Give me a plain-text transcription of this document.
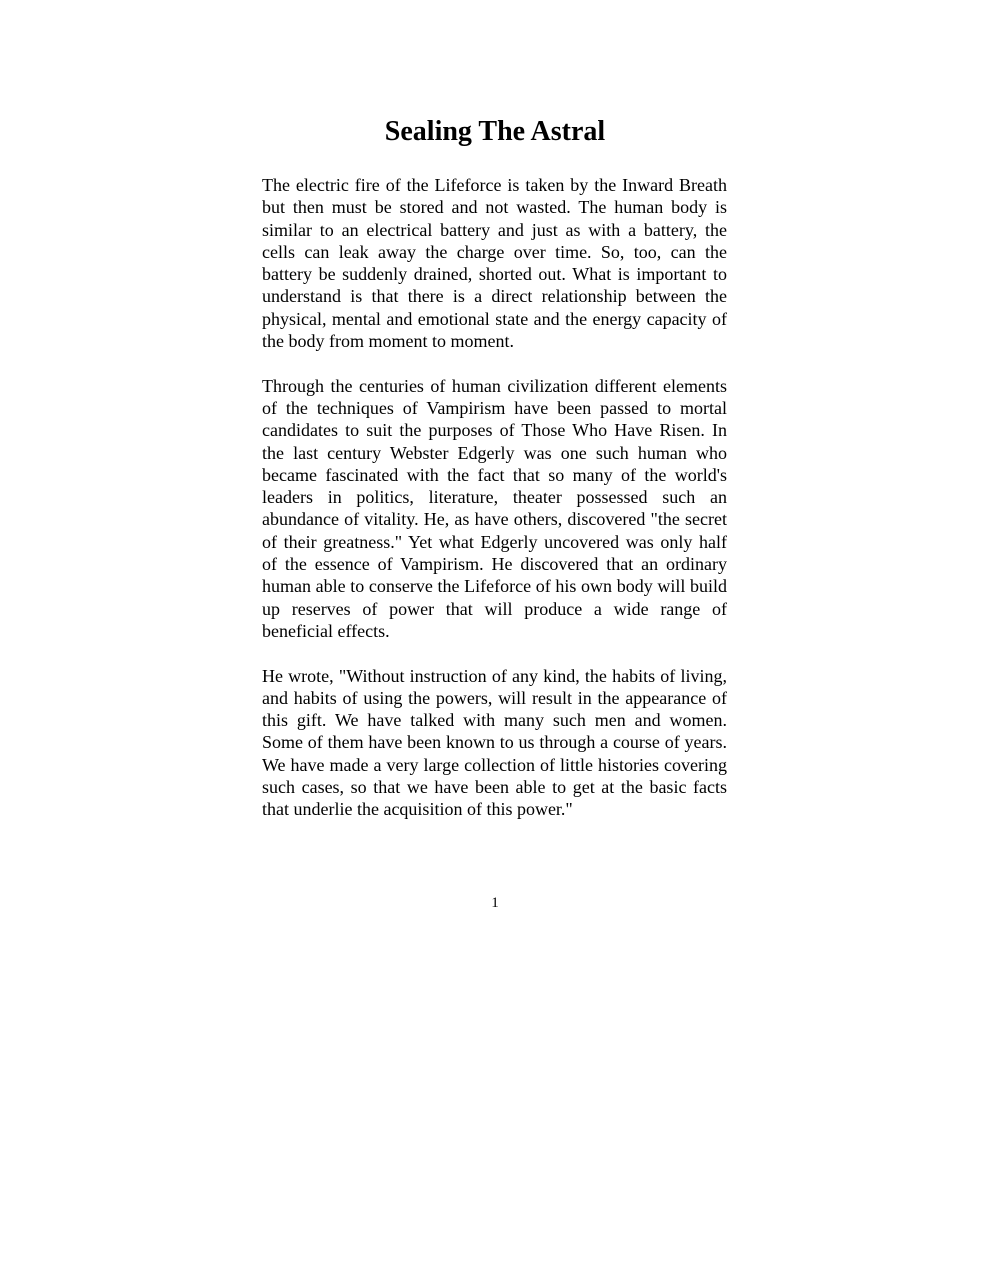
Sealing The Astral

The electric fire of the Lifeforce is taken by the Inward Breath but then must be stored and not wasted. The human body is similar to an electrical battery and just as with a battery, the cells can leak away the charge over time. So, too, can the battery be suddenly drained, shorted out. What is important to understand is that there is a direct relationship between the physical, mental and emotional state and the energy capacity of the body from moment to moment.

Through the centuries of human civilization different elements of the techniques of Vampirism have been passed to mortal candidates to suit the purposes of Those Who Have Risen. In the last century Webster Edgerly was one such human who became fascinated with the fact that so many of the world's leaders in politics, literature, theater possessed such an abundance of vitality. He, as have others, discovered "the secret of their greatness." Yet what Edgerly uncovered was only half of the essence of Vampirism. He discovered that an ordinary human able to conserve the Lifeforce of his own body will build up reserves of power that will produce a wide range of beneficial effects.

He wrote, "Without instruction of any kind, the habits of living, and habits of using the powers, will result in the appearance of this gift. We have talked with many such men and women. Some of them have been known to us through a course of years. We have made a very large collection of little histories covering such cases, so that we have been able to get at the basic facts that underlie the acquisition of this power."

1
